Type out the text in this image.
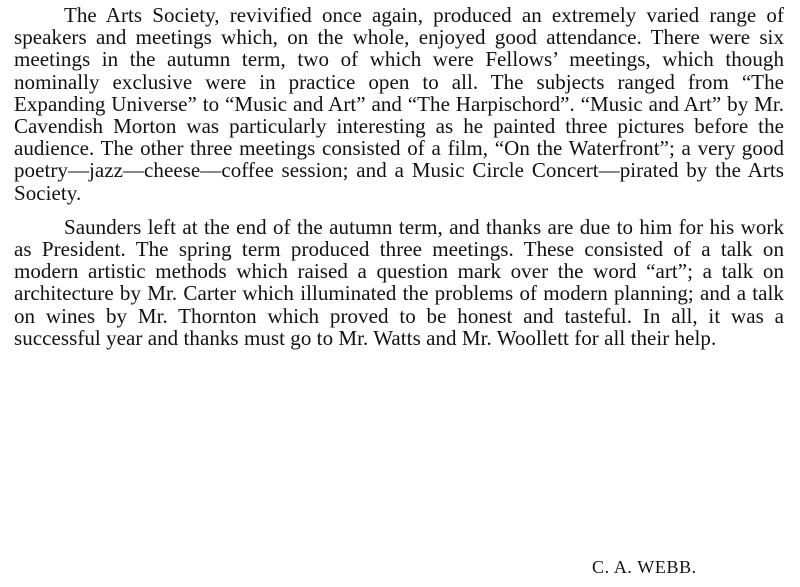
The Arts Society, revivified once again, produced an extremely varied range of speakers and meetings which, on the whole, enjoyed good attendance. There were six meetings in the autumn term, two of which were Fellows’ meetings, which though nominally exclusive were in practice open to all. The subjects ranged from “The Expanding Universe” to “Music and Art” and “The Harpischord”. “Music and Art” by Mr. Cavendish Morton was particularly interesting as he painted three pictures before the audience. The other three meetings consisted of a film, “On the Waterfront”; a very good poetry—jazz—cheese—coffee session; and a Music Circle Concert—pirated by the Arts Society.

Saunders left at the end of the autumn term, and thanks are due to him for his work as President. The spring term produced three meetings. These consisted of a talk on modern artistic methods which raised a question mark over the word “art”; a talk on architecture by Mr. Carter which illuminated the problems of modern planning; and a talk on wines by Mr. Thornton which proved to be honest and tasteful. In all, it was a successful year and thanks must go to Mr. Watts and Mr. Woollett for all their help.

C. A. WEBB.
